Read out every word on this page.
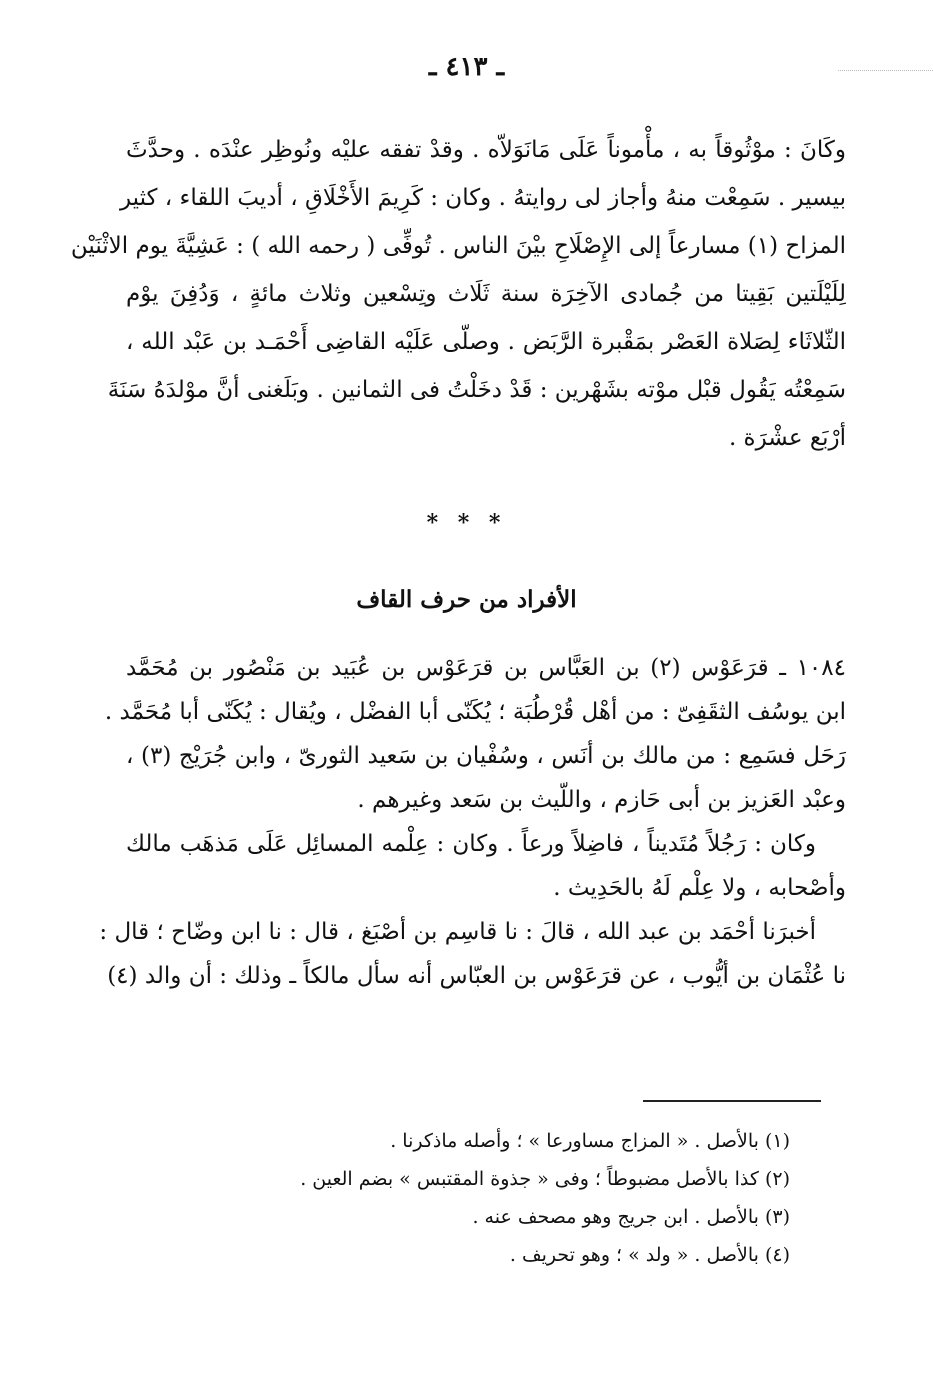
ـ ٤١٣ ـ
وكَانَ : موْثُوقاً به ، مأْموناً عَلَى مَانَوَلاّه . وقدْ تفقه عليْه ونُوظِر عنْدَه . وحدَّثَ
بيسير . سَمِعْت منهُ وأجاز لى روايتهُ . وكان : كَرِيمَ الأَخْلَاقِ ، أديبَ اللقاء ، كثير
المزاح (١) مسارعاً إلى الإِصْلَاحِ بيْنَ الناس . تُوفِّى ( رحمه الله ) : عَشِيَّةَ يوم الاثْنَيْن
لِلَيْلَتين بَقِيتا من جُمادى الآخِرَة سنة ثَلَاث وتِسْعين وثلاث مائةٍ ، وَدُفِنَ يوْم
الثّلاثَاء لِصَلاة العَصْر بمَقْبرة الرَّبَض . وصلّى عَلَيْه القاضِى أَحْمَـد بن عَبْد الله ،
سَمِعْتُه يَقُول قبْل موْته بشَهْرين : قَدْ دخَلْتُ فى الثمانين . وبَلَغنى أنَّ موْلدَهُ سَنَةَ
أرْبَع عشْرَة .
* * *
الأفراد من حرف القاف
١٠٨٤ ـ قرَعَوْس (٢) بن العَبَّاس بن قرَعَوْس بن عُبَيد بن مَنْصُور بن مُحَمَّد
ابن يوسُف الثقَفِىّ : من أهْل قُرْطُبَة ؛ يُكَنّى أبا الفضْل ، ويُقال : يُكَنّى أبا مُحَمَّد .
رَحَل فسَمِع : من مالك بن أنَس ، وسُفْيان بن سَعيد الثورىّ ، وابن جُرَيْج (٣) ،
وعبْد العَزيز بن أبى حَازم ، واللّيث بن سَعد وغيرهم .
وكان : رَجُلاً مُتَديناً ، فاضِلاً ورعاً . وكان : عِلْمه المسائِل عَلَى مَذهَب مالك
وأصْحابه ، ولا عِلْم لَهُ بالحَدِيث .
أخبرَنا أحْمَد بن عبد الله ، قالَ : نا قاسِم بن أصْبَغ ، قال : نا ابن وضّاح ؛ قال :
نا عُثْمَان بن أيُّوب ، عن قرَعَوْس بن العبّاس أنه سأل مالكاً ـ وذلك : أن والد (٤)
(١)بالأصل . « المزاج مساورعا » ؛ وأصله ماذكرنا .
(٢)كذا بالأصل مضبوطاً ؛ وفى « جذوة المقتبس » بضم العين .
(٣)بالأصل . ابن جريج وهو مصحف عنه .
(٤)بالأصل . « ولد » ؛ وهو تحريف .
